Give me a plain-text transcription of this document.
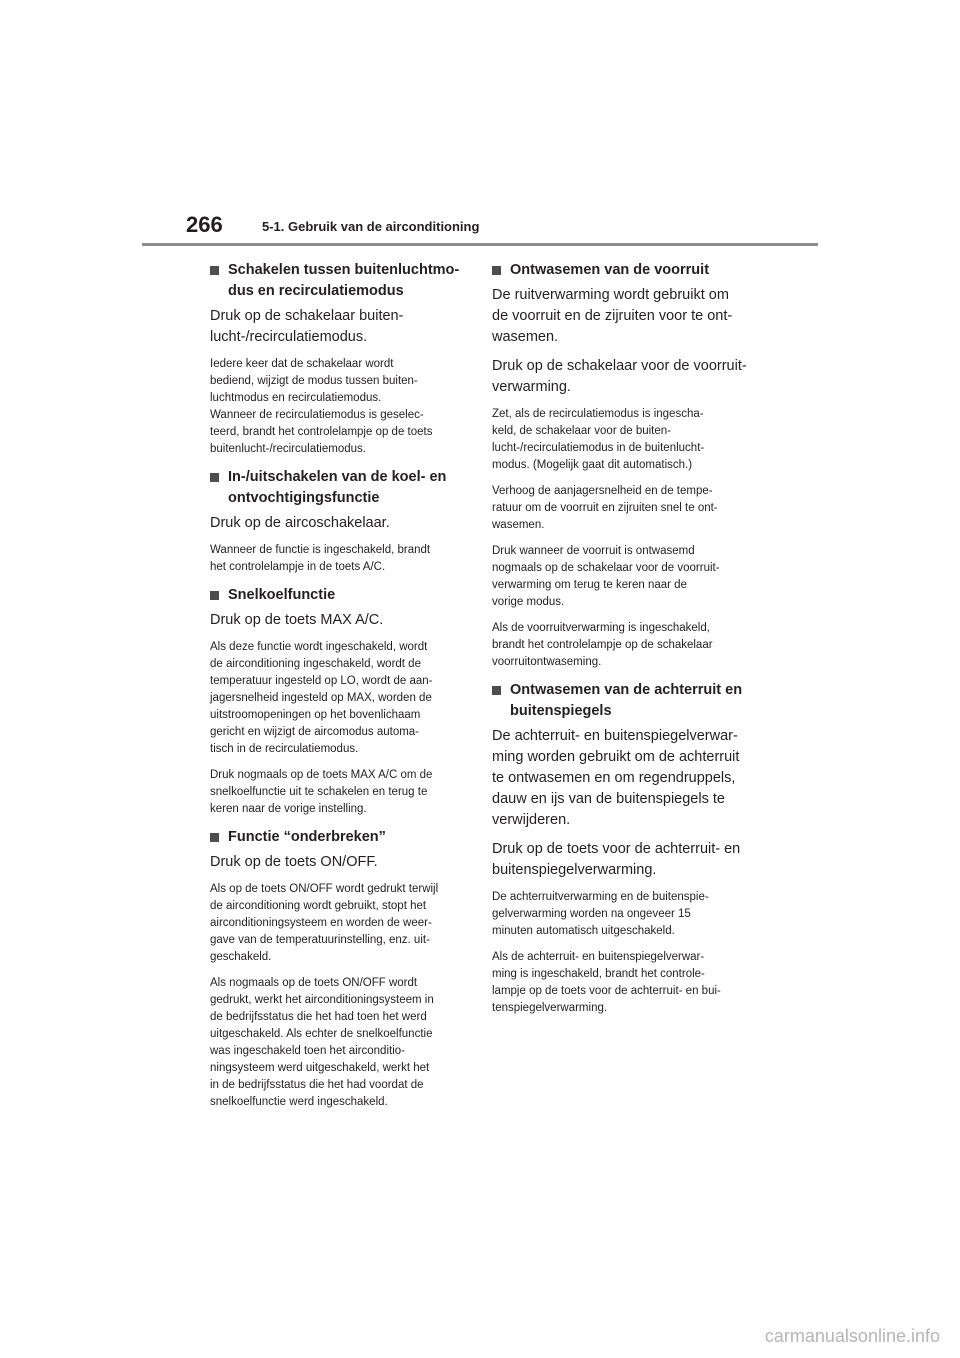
266	5-1. Gebruik van de airconditioning
Schakelen tussen buitenluchtmo-
dus en recirculatiemodus

Druk op de schakelaar buiten-
lucht-/recirculatiemodus.

Iedere keer dat de schakelaar wordt
bediend, wijzigt de modus tussen buiten-
luchtmodus en recirculatiemodus.
Wanneer de recirculatiemodus is geselec-
teerd, brandt het controlelampje op de toets
buitenlucht-/recirculatiemodus.

In-/uitschakelen van de koel- en
ontvochtigingsfunctie

Druk op de aircoschakelaar.

Wanneer de functie is ingeschakeld, brandt
het controlelampje in de toets A/C.

Snelkoelfunctie

Druk op de toets MAX A/C.

Als deze functie wordt ingeschakeld, wordt
de airconditioning ingeschakeld, wordt de
temperatuur ingesteld op LO, wordt de aan-
jagersnelheid ingesteld op MAX, worden de
uitstroomopeningen op het bovenlichaam
gericht en wijzigt de aircomodus automa-
tisch in de recirculatiemodus.

Druk nogmaals op de toets MAX A/C om de
snelkoelfunctie uit te schakelen en terug te
keren naar de vorige instelling.

Functie “onderbreken”

Druk op de toets ON/OFF.

Als op de toets ON/OFF wordt gedrukt terwijl
de airconditioning wordt gebruikt, stopt het
airconditioningsysteem en worden de weer-
gave van de temperatuurinstelling, enz. uit-
geschakeld.

Als nogmaals op de toets ON/OFF wordt
gedrukt, werkt het airconditioningsysteem in
de bedrijfsstatus die het had toen het werd
uitgeschakeld. Als echter de snelkoelfunctie
was ingeschakeld toen het airconditio-
ningsysteem werd uitgeschakeld, werkt het
in de bedrijfsstatus die het had voordat de
snelkoelfunctie werd ingeschakeld.

Ontwasemen van de voorruit

De ruitverwarming wordt gebruikt om
de voorruit en de zijruiten voor te ont-
wasemen.

Druk op de schakelaar voor de voorruit-
verwarming.

Zet, als de recirculatiemodus is ingescha-
keld, de schakelaar voor de buiten-
lucht-/recirculatiemodus in de buitenlucht-
modus. (Mogelijk gaat dit automatisch.)

Verhoog de aanjagersnelheid en de tempe-
ratuur om de voorruit en zijruiten snel te ont-
wasemen.

Druk wanneer de voorruit is ontwasemd
nogmaals op de schakelaar voor de voorruit-
verwarming om terug te keren naar de
vorige modus.

Als de voorruitverwarming is ingeschakeld,
brandt het controlelampje op de schakelaar
voorruitontwaseming.

Ontwasemen van de achterruit en
buitenspiegels

De achterruit- en buitenspiegelverwar-
ming worden gebruikt om de achterruit
te ontwasemen en om regendruppels,
dauw en ijs van de buitenspiegels te
verwijderen.

Druk op de toets voor de achterruit- en
buitenspiegelverwarming.

De achterruitverwarming en de buitenspie-
gelverwarming worden na ongeveer 15
minuten automatisch uitgeschakeld.

Als de achterruit- en buitenspiegelverwar-
ming is ingeschakeld, brandt het controle-
lampje op de toets voor de achterruit- en bui-
tenspiegelverwarming.

carmanualsonline.info
